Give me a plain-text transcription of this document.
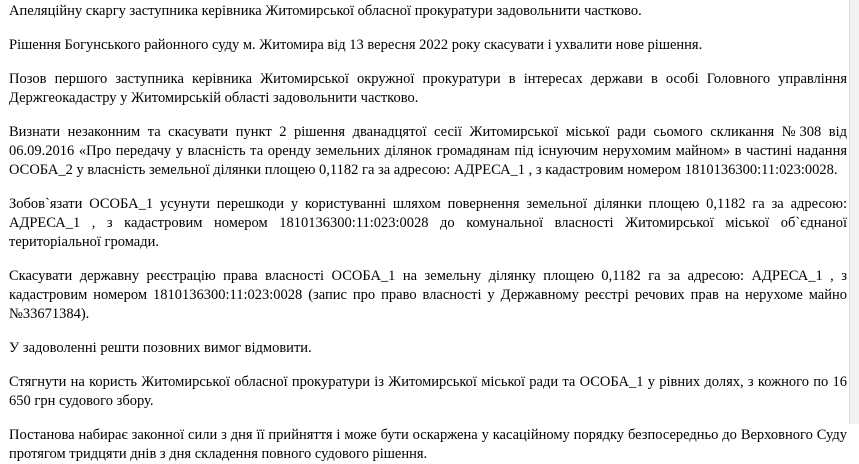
Апеляційну скаргу заступника керівника Житомирської обласної прокуратури задовольнити частково.

Рішення Богунського районного суду м. Житомира від 13 вересня 2022 року скасувати і ухвалити нове рішення.

Позов першого заступника керівника Житомирської окружної прокуратури в інтересах держави в особі Головного управління Держгеокадастру у Житомирській області задовольнити частково.

Визнати незаконним та скасувати пункт 2 рішення дванадцятої сесії Житомирської міської ради сьомого скликання №308 від 06.09.2016 «Про передачу у власність та оренду земельних ділянок громадянам під існуючим нерухомим майном» в частині надання ОСОБА_2 у власність земельної ділянки площею 0,1182 га за адресою: АДРЕСА_1 , з кадастровим номером 1810136300:11:023:0028.

Зобов`язати ОСОБА_1 усунути перешкоди у користуванні шляхом повернення земельної ділянки площею 0,1182 га за адресою: АДРЕСА_1 , з кадастровим номером 1810136300:11:023:0028 до комунальної власності Житомирської міської об`єднаної територіальної громади.

Скасувати державну реєстрацію права власності ОСОБА_1 на земельну ділянку площею 0,1182 га за адресою: АДРЕСА_1 , з кадастровим номером 1810136300:11:023:0028 (запис про право власності у Державному реєстрі речових прав на нерухоме майно №33671384).

У задоволенні решти позовних вимог відмовити.

Стягнути на користь Житомирської обласної прокуратури із Житомирської міської ради та ОСОБА_1 у рівних долях, з кожного по 16 650 грн судового збору.

Постанова набирає законної сили з дня її прийняття і може бути оскаржена у касаційному порядку безпосередньо до Верховного Суду протягом тридцяти днів з дня складення повного судового рішення.
